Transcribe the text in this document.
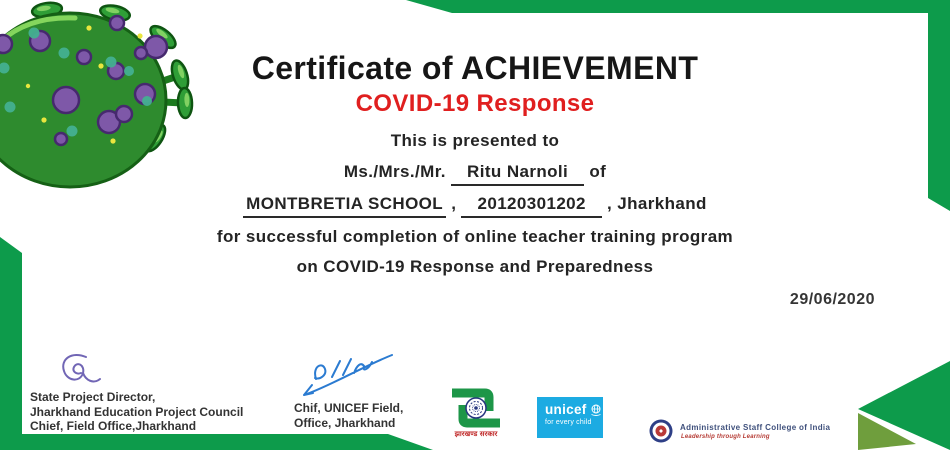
Certificate of ACHIEVEMENT
COVID-19 Response

This is presented to

Ms./Mrs./Mr. Ritu Narnoli of

MONTBRETIA SCHOOL , 20120301202 , Jharkhand

for successful completion of online teacher training program

on COVID-19 Response and Preparedness

29/06/2020
State Project Director,
Jharkhand Education Project Council
Chief, Field Office,Jharkhand
Chif, UNICEF Field,
Office, Jharkhand
झारखण्ड सरकार
unicef
for every child
Administrative Staff College of India
Leadership through Learning
